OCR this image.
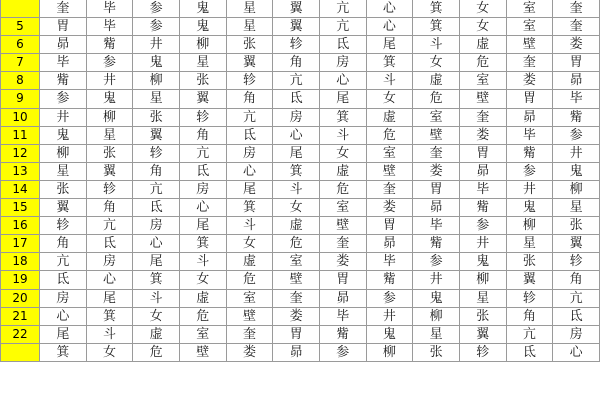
	奎	毕	参	鬼	星	翼	亢	心	箕	女	室	奎
5	胃	毕	参	鬼	星	翼	亢	心	箕	女	室	奎
6	昴	觜	井	柳	张	轸	氐	尾	斗	虚	壁	娄
7	毕	参	鬼	星	翼	角	房	箕	女	危	奎	胃
8	觜	井	柳	张	轸	亢	心	斗	虚	室	娄	昴
9	参	鬼	星	翼	角	氐	尾	女	危	壁	胃	毕
10	井	柳	张	轸	亢	房	箕	虚	室	奎	昴	觜
11	鬼	星	翼	角	氐	心	斗	危	壁	娄	毕	参
12	柳	张	轸	亢	房	尾	女	室	奎	胃	觜	井
13	星	翼	角	氐	心	箕	虚	壁	娄	昴	参	鬼
14	张	轸	亢	房	尾	斗	危	奎	胃	毕	井	柳
15	翼	角	氐	心	箕	女	室	娄	昴	觜	鬼	星
16	轸	亢	房	尾	斗	虚	壁	胃	毕	参	柳	张
17	角	氐	心	箕	女	危	奎	昴	觜	井	星	翼
18	亢	房	尾	斗	虚	室	娄	毕	参	鬼	张	轸
19	氐	心	箕	女	危	壁	胃	觜	井	柳	翼	角
20	房	尾	斗	虚	室	奎	昴	参	鬼	星	轸	亢
21	心	箕	女	危	壁	娄	毕	井	柳	张	角	氐
22	尾	斗	虚	室	奎	胃	觜	鬼	星	翼	亢	房
	箕	女	危	壁	娄	昴	参	柳	张	轸	氐	心
